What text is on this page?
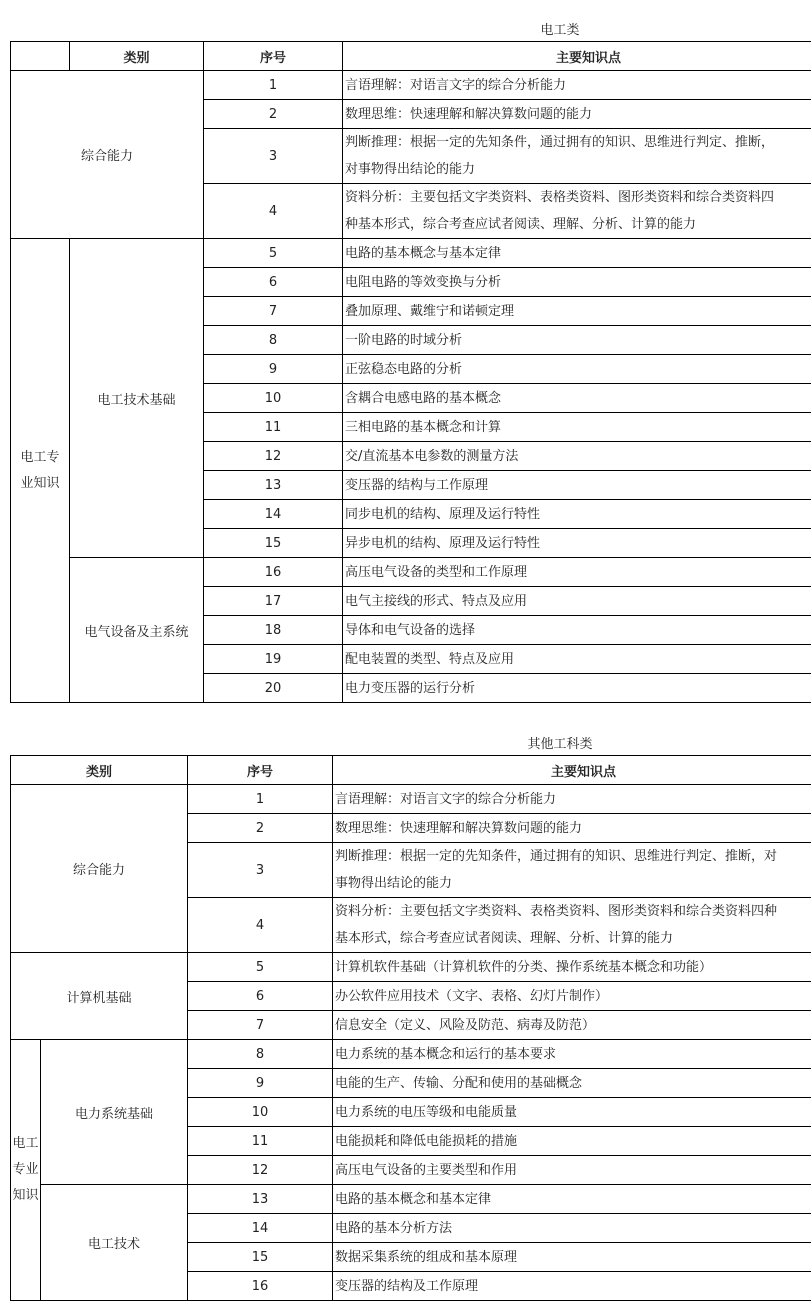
电工类
	类别	序号	主要知识点
综合能力		1	言语理解：对语言文字的综合分析能力
		2	数理思维：快速理解和解决算数问题的能力
		3	判断推理：根据一定的先知条件，通过拥有的知识、思维进行判定、推断，
对事物得出结论的能力

		4	资料分析：主要包括文字类资料、表格类资料、图形类资料和综合类资料四
种基本形式，综合考查应试者阅读、理解、分析、计算的能力

电工专
业知识	电工技术基础	5	电路的基本概念与基本定律
		6	电阻电路的等效变换与分析
		7	叠加原理、戴维宁和诺顿定理
		8	一阶电路的时域分析
		9	正弦稳态电路的分析
		10	含耦合电感电路的基本概念
		11	三相电路的基本概念和计算
		12	交/直流基本电参数的测量方法
		13	变压器的结构与工作原理
		14	同步电机的结构、原理及运行特性
		15	异步电机的结构、原理及运行特性
	电气设备及主系统	16	高压电气设备的类型和工作原理
		17	电气主接线的形式、特点及应用
		18	导体和电气设备的选择
		19	配电装置的类型、特点及应用
		20	电力变压器的运行分析
其他工科类
类别		序号	主要知识点
综合能力		1	言语理解：对语言文字的综合分析能力
		2	数理思维：快速理解和解决算数问题的能力
		3	判断推理：根据一定的先知条件，通过拥有的知识、思维进行判定、推断，对
事物得出结论的能力

		4	资料分析：主要包括文字类资料、表格类资料、图形类资料和综合类资料四种
基本形式，综合考查应试者阅读、理解、分析、计算的能力

计算机基础		5	计算机软件基础（计算机软件的分类、操作系统基本概念和功能）
		6	办公软件应用技术（文字、表格、幻灯片制作）
		7	信息安全（定义、风险及防范、病毒及防范）

电工
专业
知识	电力系统基础	8	电力系统的基本概念和运行的基本要求
		9	电能的生产、传输、分配和使用的基础概念
		10	电力系统的电压等级和电能质量
		11	电能损耗和降低电能损耗的措施
		12	高压电气设备的主要类型和作用
	电工技术	13	电路的基本概念和基本定律
		14	电路的基本分析方法
		15	数据采集系统的组成和基本原理
		16	变压器的结构及工作原理
